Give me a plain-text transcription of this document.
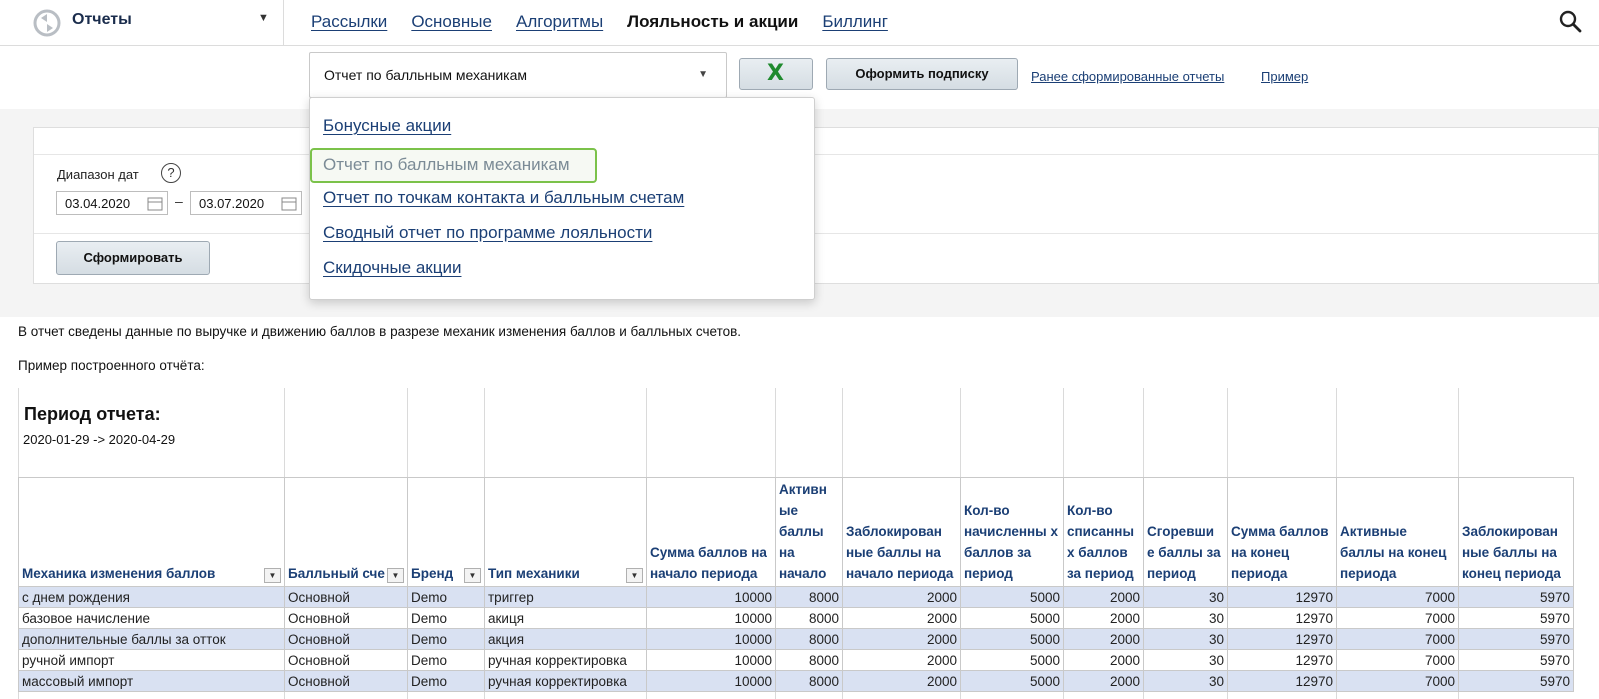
Отчеты	▼ Рассылки Основные Алгоритмы Лояльность и акции Биллинг
Отчет по балльным механикам	▼	X	Оформить подписку	Ранее сформированные отчеты	Пример
Диапазон дат	?
03.04.2020	– 03.07.2020
Сформировать
Бонусные акции
Отчет по балльным механикам
Отчет по точкам контакта и балльным счетам
Сводный отчет по программе лояльности
Скидочные акции
В отчет сведены данные по выручке и движению баллов в разрезе механик изменения баллов и балльных счетов.
Пример построенного отчёта:
Период отчета:
2020-01-29 -> 2020-04-29
Механика изменения баллов ▼	Балльный сче ▼	Бренд ▼	Тип механики ▼	Сумма баллов на начало периода	Активн ые баллы на начало	Заблокирован ные баллы на начало периода	Кол-во начисленны х баллов за период	Кол-во списанны х баллов за период	Сгоревши е баллы за период	Сумма баллов на конец периода	Активные баллы на конец периода	Заблокирован ные баллы на конец периода
с днем рождения	Основной	Demo	триггер	10000	8000	2000	5000	2000	30	12970	7000	5970
базовое начисление	Основной	Demo	акиця	10000	8000	2000	5000	2000	30	12970	7000	5970
дополнительные баллы за отток	Основной	Demo	акция	10000	8000	2000	5000	2000	30	12970	7000	5970
ручной импорт	Основной	Demo	ручная корректировка	10000	8000	2000	5000	2000	30	12970	7000	5970
массовый импорт	Основной	Demo	ручная корректировка	10000	8000	2000	5000	2000	30	12970	7000	5970
